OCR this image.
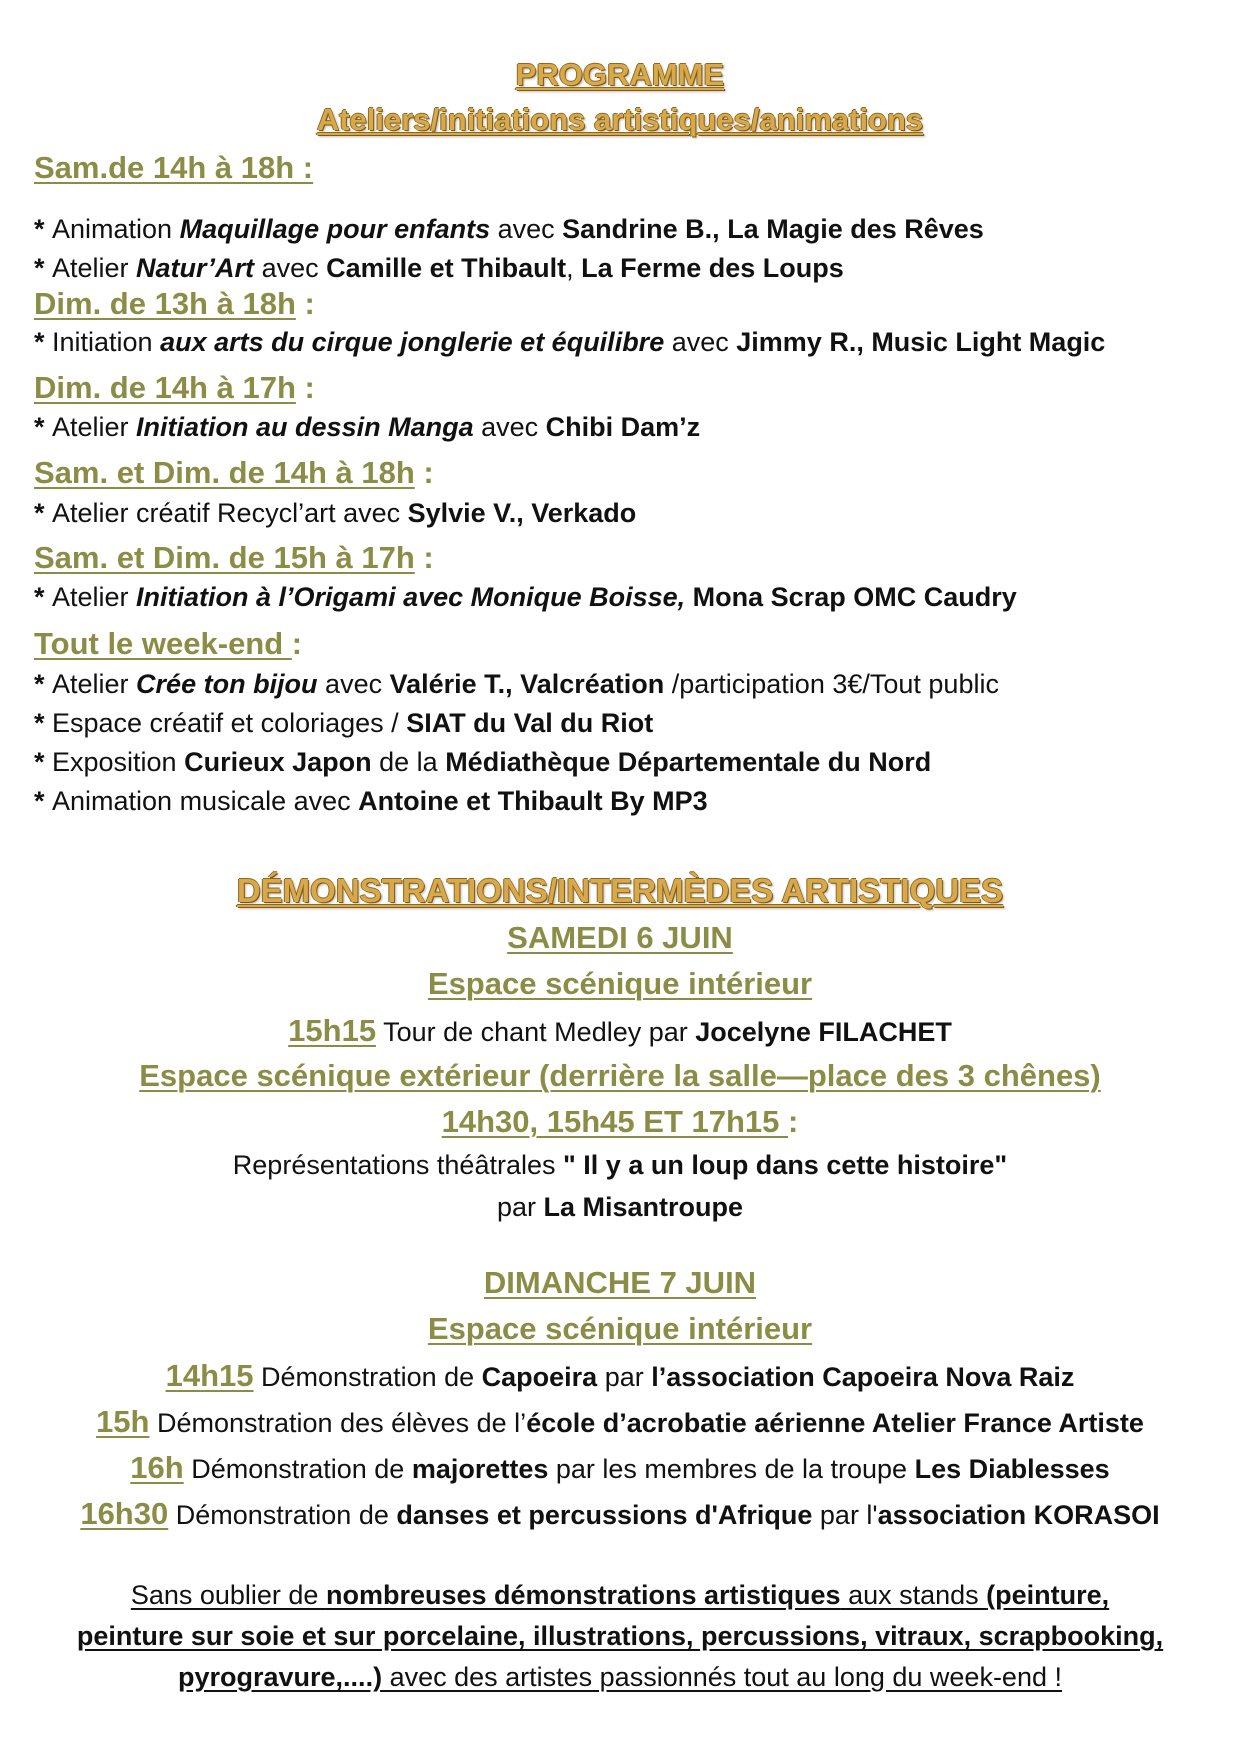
PROGRAMME
Ateliers/initiations artistiques/animations
Sam.de 14h à 18h :
* Animation Maquillage pour enfants avec Sandrine B., La Magie des Rêves
* Atelier Natur’Art avec Camille et Thibault, La Ferme des Loups
Dim. de 13h à 18h :
* Initiation aux arts du cirque jonglerie et équilibre avec Jimmy R., Music Light Magic
Dim. de 14h à 17h :
* Atelier Initiation au dessin Manga avec Chibi Dam’z
Sam. et Dim. de 14h à 18h :
* Atelier créatif Recycl’art avec Sylvie V., Verkado
Sam. et Dim. de 15h à 17h :
* Atelier Initiation à l’Origami avec Monique Boisse, Mona Scrap OMC Caudry
Tout le week-end :
* Atelier Crée ton bijou avec Valérie T., Valcréation /participation 3€/Tout public
* Espace créatif et coloriages / SIAT du Val du Riot
* Exposition Curieux Japon de la Médiathèque Départementale du Nord
* Animation musicale avec Antoine et Thibault By MP3
DÉMONSTRATIONS/INTERMÈDES ARTISTIQUES
SAMEDI 6 JUIN
Espace scénique intérieur
15h15 Tour de chant Medley par Jocelyne FILACHET
Espace scénique extérieur (derrière la salle—place des 3 chênes)
14h30, 15h45 ET 17h15 :
Représentations théâtrales " Il y a un loup dans cette histoire"
par La Misantroupe
DIMANCHE 7 JUIN
Espace scénique intérieur
14h15 Démonstration de Capoeira par l’association Capoeira Nova Raiz
15h Démonstration des élèves de l’école d’acrobatie aérienne Atelier France Artiste
16h Démonstration de majorettes par les membres de la troupe Les Diablesses
16h30 Démonstration de danses et percussions d'Afrique par l'association KORASOI
Sans oublier de nombreuses démonstrations artistiques aux stands (peinture,
peinture sur soie et sur porcelaine, illustrations, percussions, vitraux, scrapbooking,
pyrogravure,....) avec des artistes passionnés tout au long du week-end !
